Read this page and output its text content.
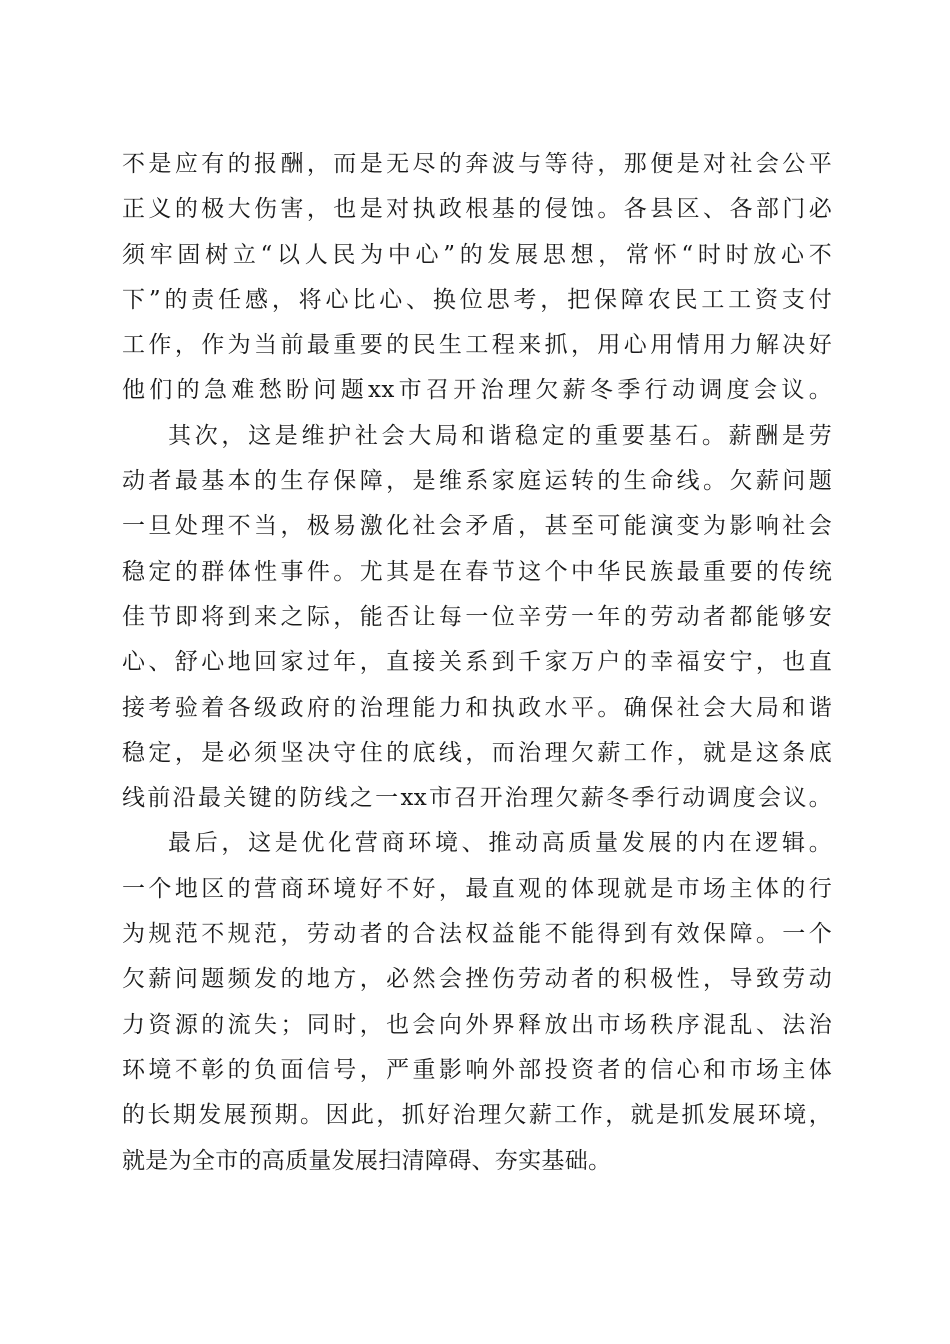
不是应有的报酬，而是无尽的奔波与等待，那便是对社会公平
正义的极大伤害，也是对执政根基的侵蚀。各县区、各部门必
须牢固树立“以人民为中心”的发展思想，常怀“时时放心不
下”的责任感，将心比心、换位思考，把保障农民工工资支付
工作，作为当前最重要的民生工程来抓，用心用情用力解决好
他们的急难愁盼问题xx市召开治理欠薪冬季行动调度会议。
其次，这是维护社会大局和谐稳定的重要基石。薪酬是劳
动者最基本的生存保障，是维系家庭运转的生命线。欠薪问题
一旦处理不当，极易激化社会矛盾，甚至可能演变为影响社会
稳定的群体性事件。尤其是在春节这个中华民族最重要的传统
佳节即将到来之际，能否让每一位辛劳一年的劳动者都能够安
心、舒心地回家过年，直接关系到千家万户的幸福安宁，也直
接考验着各级政府的治理能力和执政水平。确保社会大局和谐
稳定，是必须坚决守住的底线，而治理欠薪工作，就是这条底
线前沿最关键的防线之一xx市召开治理欠薪冬季行动调度会议。
最后，这是优化营商环境、推动高质量发展的内在逻辑。
一个地区的营商环境好不好，最直观的体现就是市场主体的行
为规范不规范，劳动者的合法权益能不能得到有效保障。一个
欠薪问题频发的地方，必然会挫伤劳动者的积极性，导致劳动
力资源的流失；同时，也会向外界释放出市场秩序混乱、法治
环境不彰的负面信号，严重影响外部投资者的信心和市场主体
的长期发展预期。因此，抓好治理欠薪工作，就是抓发展环境，
就是为全市的高质量发展扫清障碍、夯实基础。
